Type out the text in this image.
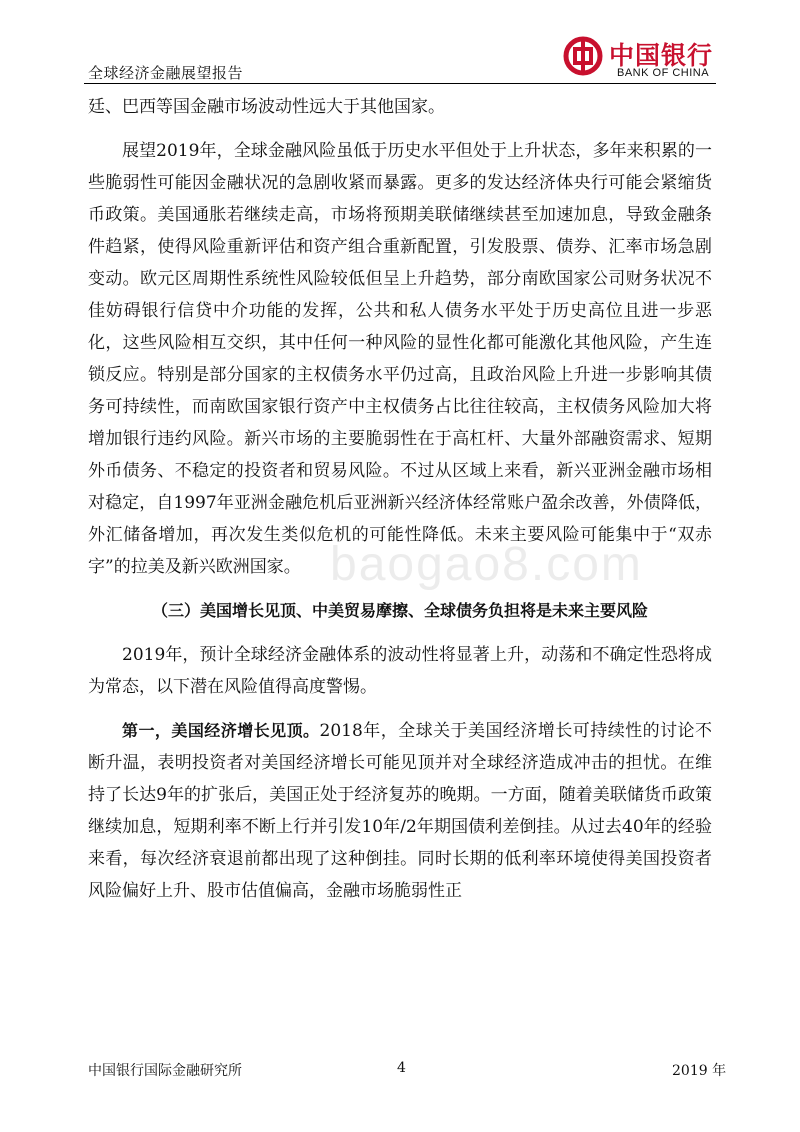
中国银行
BANK OF CHINA
全球经济金融展望报告

廷、巴西等国金融市场波动性远大于其他国家。

展望2019年，全球金融风险虽低于历史水平但处于上升状态，多年来积累的一些脆弱性可能因金融状况的急剧收紧而暴露。更多的发达经济体央行可能会紧缩货币政策。美国通胀若继续走高，市场将预期美联储继续甚至加速加息，导致金融条件趋紧，使得风险重新评估和资产组合重新配置，引发股票、债券、汇率市场急剧变动。欧元区周期性系统性风险较低但呈上升趋势，部分南欧国家公司财务状况不佳妨碍银行信贷中介功能的发挥，公共和私人债务水平处于历史高位且进一步恶化，这些风险相互交织，其中任何一种风险的显性化都可能激化其他风险，产生连锁反应。特别是部分国家的主权债务水平仍过高，且政治风险上升进一步影响其债务可持续性，而南欧国家银行资产中主权债务占比往往较高，主权债务风险加大将增加银行违约风险。新兴市场的主要脆弱性在于高杠杆、大量外部融资需求、短期外币债务、不稳定的投资者和贸易风险。不过从区域上来看，新兴亚洲金融市场相对稳定，自1997年亚洲金融危机后亚洲新兴经济体经常账户盈余改善，外债降低，外汇储备增加，再次发生类似危机的可能性降低。未来主要风险可能集中于“双赤字”的拉美及新兴欧洲国家。

（三）美国增长见顶、中美贸易摩擦、全球债务负担将是未来主要风险

2019年，预计全球经济金融体系的波动性将显著上升，动荡和不确定性恐将成为常态，以下潜在风险值得高度警惕。

第一，美国经济增长见顶。2018年，全球关于美国经济增长可持续性的讨论不断升温，表明投资者对美国经济增长可能见顶并对全球经济造成冲击的担忧。在维持了长达9年的扩张后，美国正处于经济复苏的晚期。一方面，随着美联储货币政策继续加息，短期利率不断上行并引发10年/2年期国债利差倒挂。从过去40年的经验来看，每次经济衰退前都出现了这种倒挂。同时长期的低利率环境使得美国投资者风险偏好上升、股市估值偏高，金融市场脆弱性正

baogao8.com
中国银行国际金融研究所	4	2019 年
